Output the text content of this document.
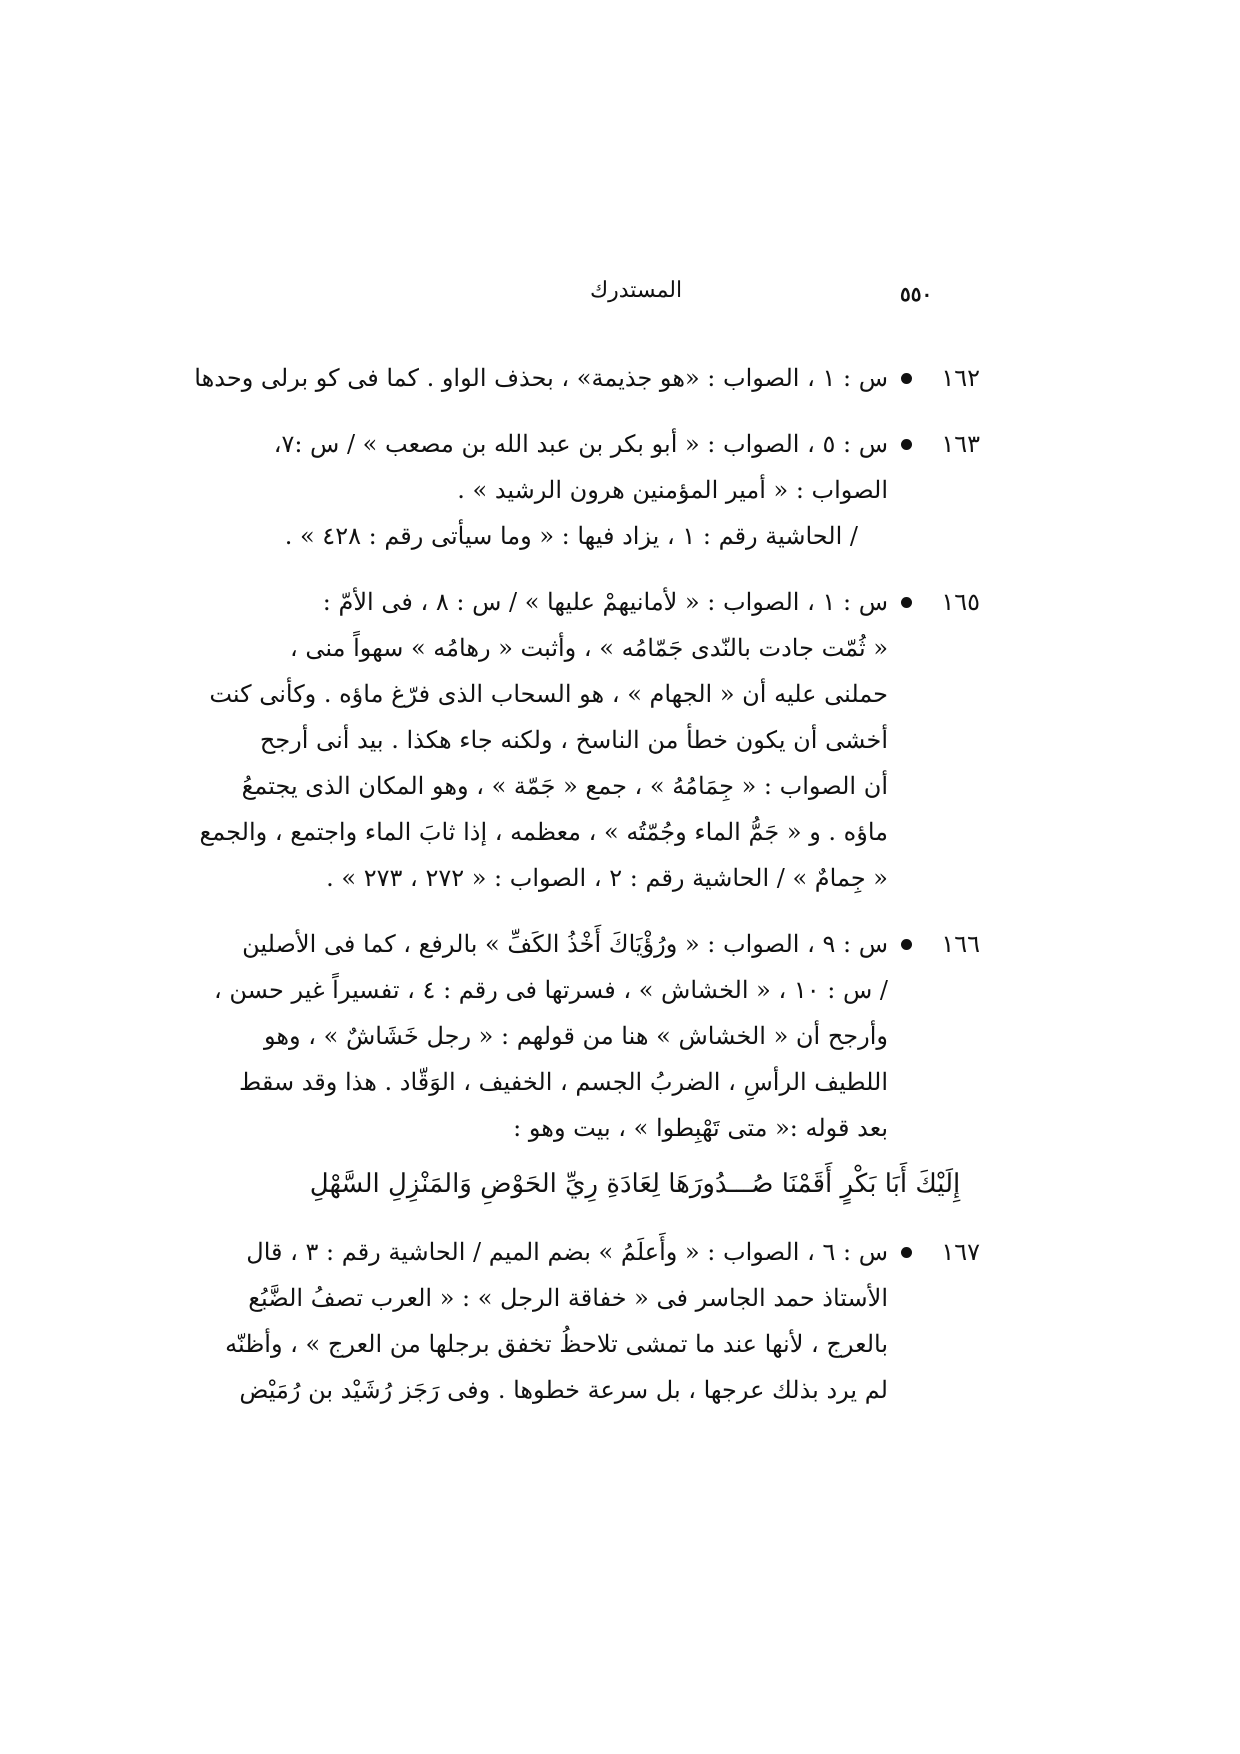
٥٥٠
المستدرك
١٦٢
س : ١ ، الصواب : «هو جذيمة» ، بحذف الواو . كما فى كو برلى وحدها
١٦٣
س : ٥ ، الصواب : « أبو بكر بن عبد الله بن مصعب » / س :٧،
الصواب : « أمير المؤمنين هرون الرشيد » .
/ الحاشية رقم : ١ ، يزاد فيها : « وما سيأتى رقم : ٤٢٨ » .
١٦٥
س : ١ ، الصواب : « لأمانيهمْ عليها » / س : ٨ ، فى الأمّ :
« ثُمّت جادت بالنّدى جَمّامُه » ، وأثبت « رهامُه » سهواً منى ،
حملنى عليه أن « الجهام » ، هو السحاب الذى فرّغ ماؤه . وكأنى كنت
أخشى أن يكون خطأ من الناسخ ، ولكنه جاء هكذا . بيد أنى أرجح
أن الصواب : « جِمَامُهُ » ، جمع « جَمّة » ، وهو المكان الذى يجتمعُ
ماؤه . و « جَمُّ الماء وجُمّتُه » ، معظمه ، إذا ثابَ الماء واجتمع ، والجمع
« جِمامٌ » / الحاشية رقم : ٢ ، الصواب : « ٢٧٢ ، ٢٧٣ » .
١٦٦
س : ٩ ، الصواب : « ورُؤْيَاكَ أَخْذُ الكَفِّ » بالرفع ، كما فى الأصلين
/ س : ١٠ ، « الخشاش » ، فسرتها فى رقم : ٤ ، تفسيراً غير حسن ،
وأرجح أن « الخشاش » هنا من قولهم : « رجل خَشَاشٌ » ، وهو
اللطيف الرأسِ ، الضربُ الجسم ، الخفيف ، الوَقّاد . هذا وقد سقط
بعد قوله :« متى تَهْبِطوا » ، بيت وهو :
إِلَيْكَ أَبَا بَكْرٍ أَقَمْنَا صُـــدُورَهَا لِعَادَةِ رِيِّ الحَوْضِ وَالمَنْزِلِ السَّهْلِ
١٦٧
س : ٦ ، الصواب : « وأَعلَمُ » بضم الميم / الحاشية رقم : ٣ ، قال
الأستاذ حمد الجاسر فى « خفاقة الرجل » : « العرب تصفُ الضَّبُع
بالعرج ، لأنها عند ما تمشى تلاحظُ تخفق برجلها من العرج » ، وأظنّه
لم يرد بذلك عرجها ، بل سرعة خطوها . وفى رَجَز رُشَيْد بن رُمَيْض
